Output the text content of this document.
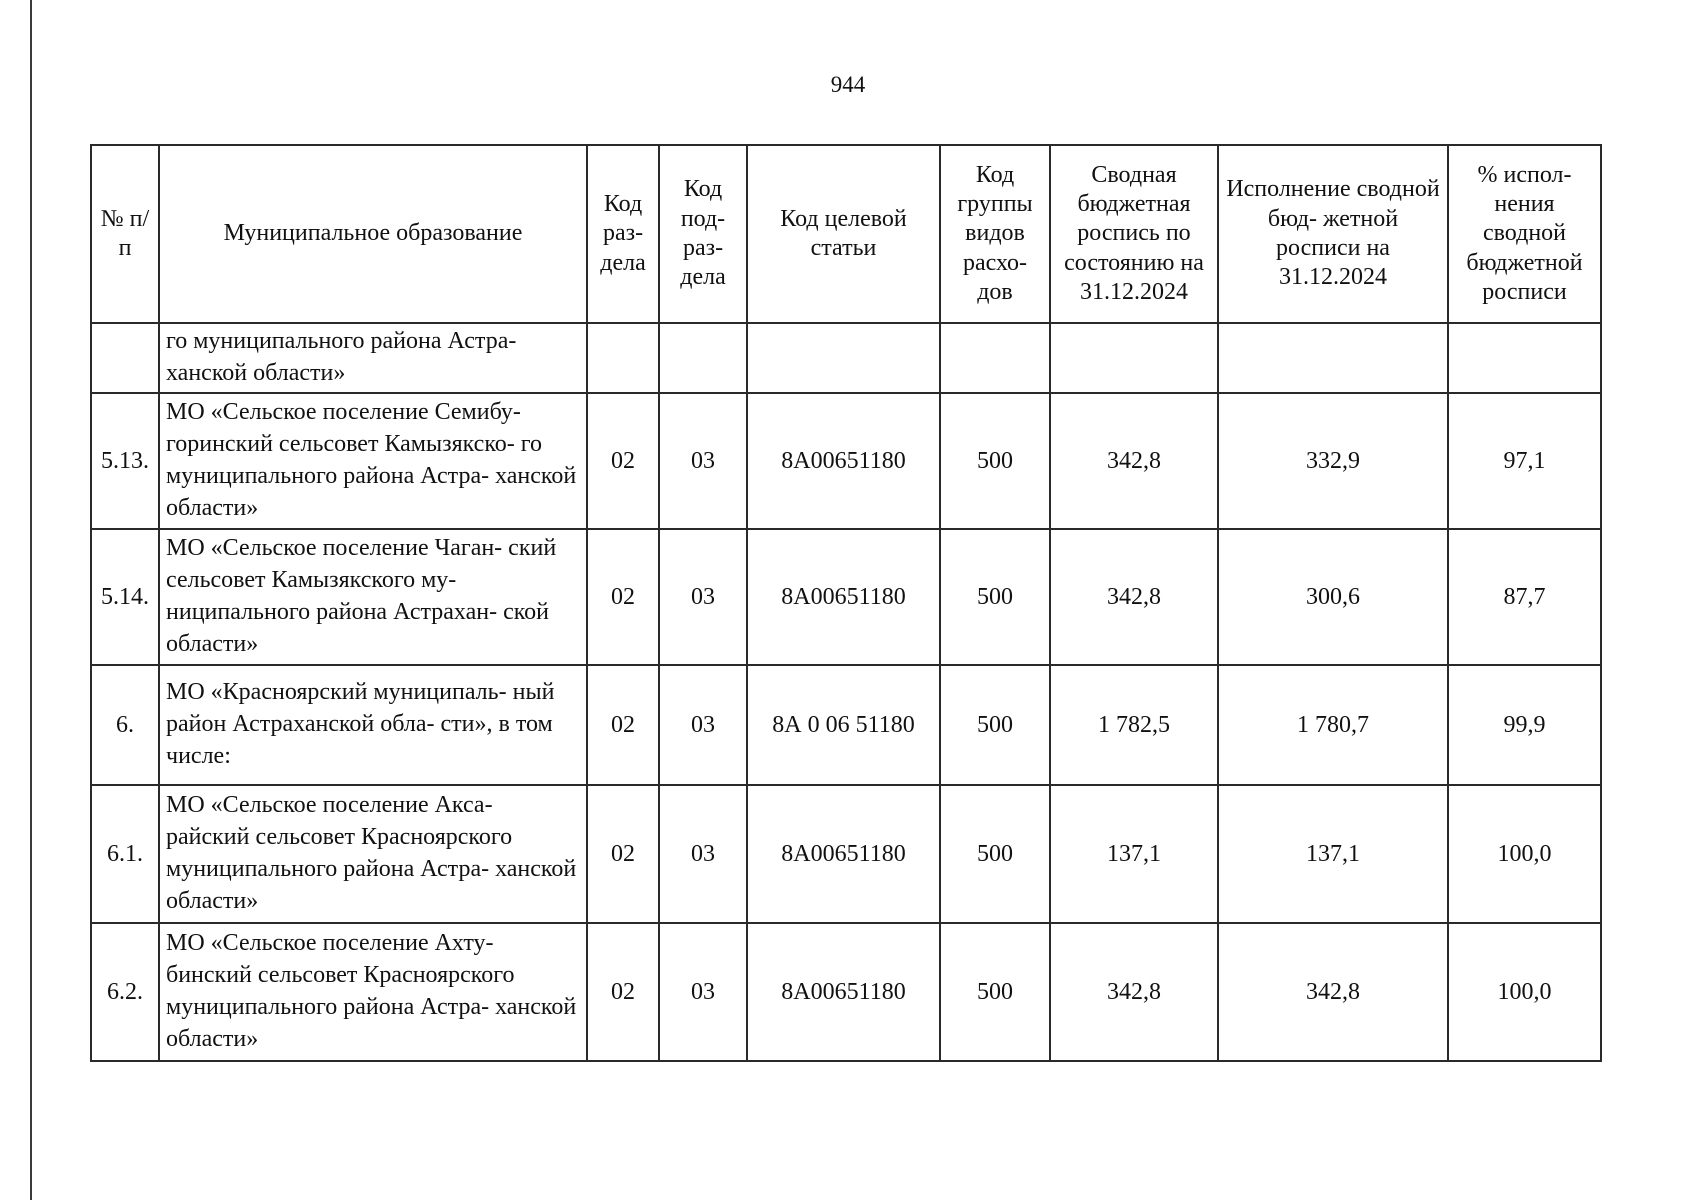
944
№ п/п	Муниципальное образование	Код раз- дела	Код под- раз- дела	Код целевой статьи	Код группы видов расхо- дов	Сводная бюджетная роспись по состоянию на 31.12.2024	Исполнение сводной бюд- жетной росписи на 31.12.2024	% испол- нения сводной бюджетной росписи
	го муниципального района Астра- ханской области»							
5.13.	МО «Сельское поселение Семибу- горинский сельсовет Камызякско- го муниципального района Астра- ханской области»	02	03	8А00651180	500	342,8	332,9	97,1
5.14.	МО «Сельское поселение Чаган- ский сельсовет Камызякского му- ниципального района Астрахан- ской области»	02	03	8А00651180	500	342,8	300,6	87,7
6.	МО «Красноярский муниципаль- ный район Астраханской обла- сти», в том числе:	02	03	8А 0 06 51180	500	1 782,5	1 780,7	99,9
6.1.	МО «Сельское поселение Акса- райский сельсовет Красноярского муниципального района Астра- ханской области»	02	03	8А00651180	500	137,1	137,1	100,0
6.2.	МО «Сельское поселение Ахту- бинский сельсовет Красноярского муниципального района Астра- ханской области»	02	03	8А00651180	500	342,8	342,8	100,0
